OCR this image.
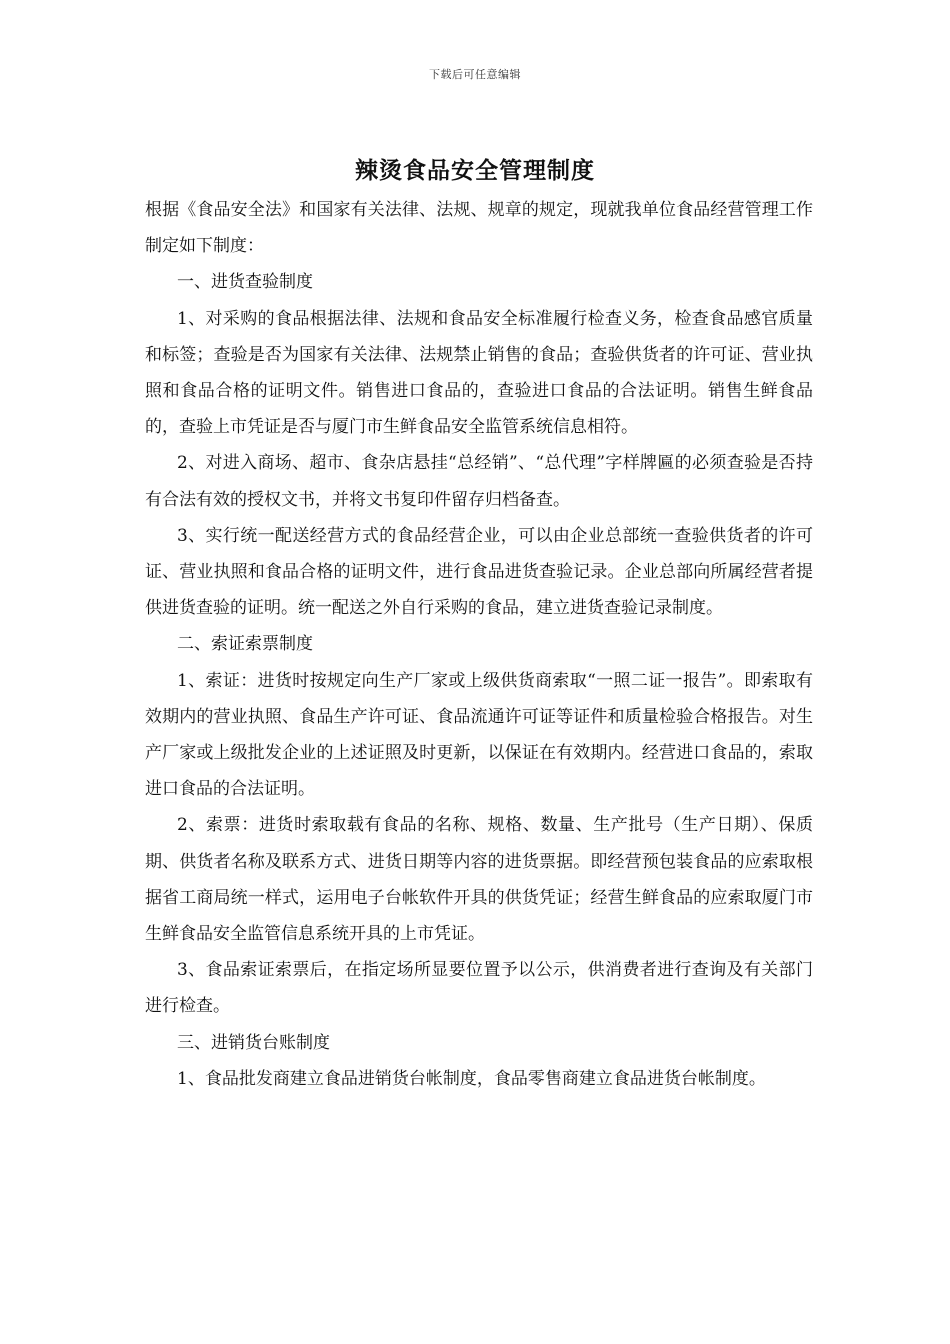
下载后可任意编辑
辣烫食品安全管理制度

根据《食品安全法》和国家有关法律、法规、规章的规定，现就我单位食品经营管理工作制定如下制度：

一、进货查验制度

1、对采购的食品根据法律、法规和食品安全标准履行检查义务，检查食品感官质量和标签；查验是否为国家有关法律、法规禁止销售的食品；查验供货者的许可证、营业执照和食品合格的证明文件。销售进口食品的，查验进口食品的合法证明。销售生鲜食品的，查验上市凭证是否与厦门市生鲜食品安全监管系统信息相符。

2、对进入商场、超市、食杂店悬挂“总经销”、“总代理”字样牌匾的必须查验是否持有合法有效的授权文书，并将文书复印件留存归档备查。

3、实行统一配送经营方式的食品经营企业，可以由企业总部统一查验供货者的许可证、营业执照和食品合格的证明文件，进行食品进货查验记录。企业总部向所属经营者提供进货查验的证明。统一配送之外自行采购的食品，建立进货查验记录制度。

二、索证索票制度

1、索证：进货时按规定向生产厂家或上级供货商索取“一照二证一报告”。即索取有效期内的营业执照、食品生产许可证、食品流通许可证等证件和质量检验合格报告。对生产厂家或上级批发企业的上述证照及时更新，以保证在有效期内。经营进口食品的，索取进口食品的合法证明。

2、索票：进货时索取载有食品的名称、规格、数量、生产批号（生产日期）、保质期、供货者名称及联系方式、进货日期等内容的进货票据。即经营预包装食品的应索取根据省工商局统一样式，运用电子台帐软件开具的供货凭证；经营生鲜食品的应索取厦门市生鲜食品安全监管信息系统开具的上市凭证。

3、食品索证索票后，在指定场所显要位置予以公示，供消费者进行查询及有关部门进行检查。

三、进销货台账制度

1、食品批发商建立食品进销货台帐制度，食品零售商建立食品进货台帐制度。
